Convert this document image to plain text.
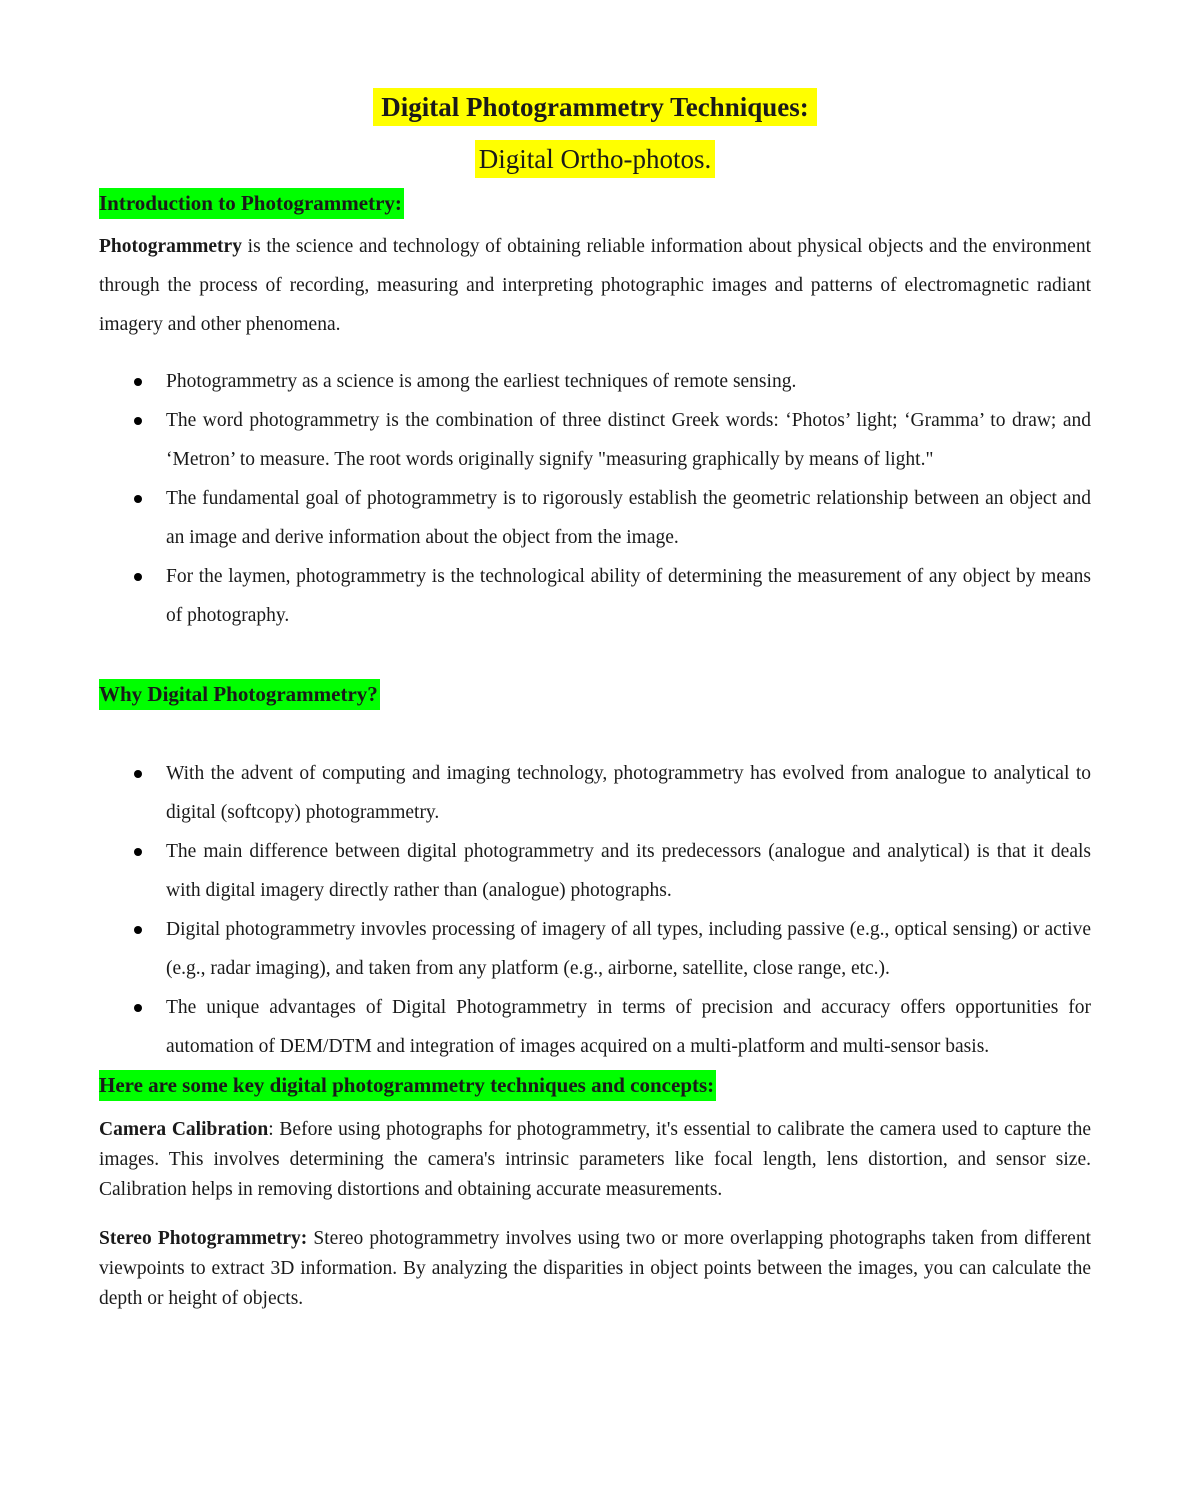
Digital Photogrammetry Techniques:
Digital Ortho-photos.
Introduction to Photogrammetry:

Photogrammetry is the science and technology of obtaining reliable information about physical objects and the environment through the process of recording, measuring and interpreting photographic images and patterns of electromagnetic radiant imagery and other phenomena.

Photogrammetry as a science is among the earliest techniques of remote sensing.
The word photogrammetry is the combination of three distinct Greek words: ‘Photos’ light; ‘Gramma’ to draw; and ‘Metron’ to measure. The root words originally signify "measuring graphically by means of light."
The fundamental goal of photogrammetry is to rigorously establish the geometric relationship between an object and an image and derive information about the object from the image.
For the laymen, photogrammetry is the technological ability of determining the measurement of any object by means of photography.
Why Digital Photogrammetry?
With the advent of computing and imaging technology, photogrammetry has evolved from analogue to analytical to digital (softcopy) photogrammetry.
The main difference between digital photogrammetry and its predecessors (analogue and analytical) is that it deals with digital imagery directly rather than (analogue) photographs.
Digital photogrammetry invovles processing of imagery of all types, including passive (e.g., optical sensing) or active (e.g., radar imaging), and taken from any platform (e.g., airborne, satellite, close range, etc.).
The unique advantages of Digital Photogrammetry in terms of precision and accuracy offers opportunities for automation of DEM/DTM and integration of images acquired on a multi-platform and multi-sensor basis.
Here are some key digital photogrammetry techniques and concepts:

Camera Calibration: Before using photographs for photogrammetry, it's essential to calibrate the camera used to capture the images. This involves determining the camera's intrinsic parameters like focal length, lens distortion, and sensor size. Calibration helps in removing distortions and obtaining accurate measurements.

Stereo Photogrammetry: Stereo photogrammetry involves using two or more overlapping photographs taken from different viewpoints to extract 3D information. By analyzing the disparities in object points between the images, you can calculate the depth or height of objects.
